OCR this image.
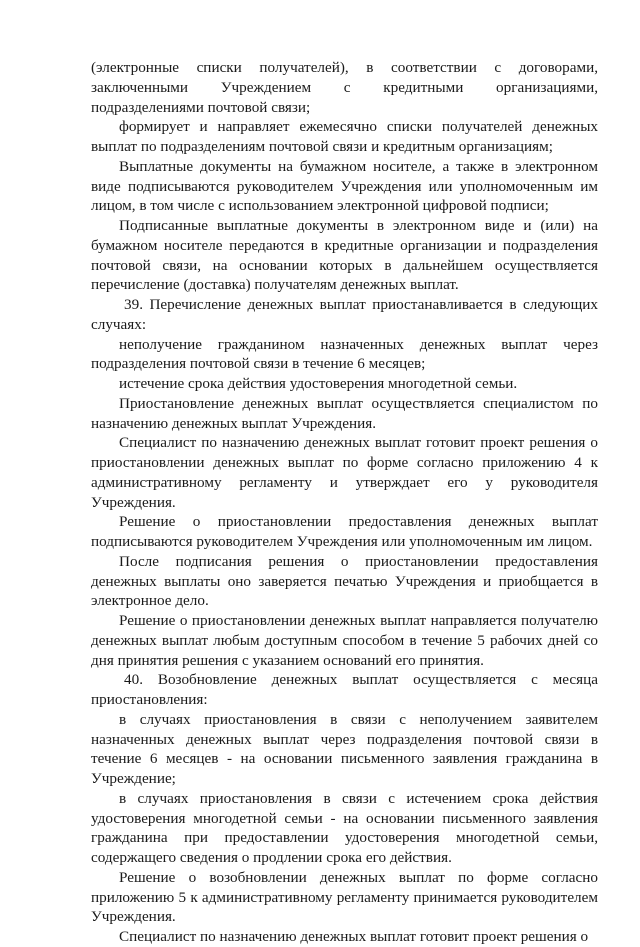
(электронные списки получателей), в соответствии с договорами, заключенными Учреждением с кредитными организациями, подразделениями почтовой связи;

формирует и направляет ежемесячно списки получателей денежных выплат по подразделениям почтовой связи и кредитным организациям;

Выплатные документы на бумажном носителе, а также в электронном виде подписываются руководителем Учреждения или уполномоченным им лицом, в том числе с использованием электронной цифровой подписи;

Подписанные выплатные документы в электронном виде и (или) на бумажном носителе передаются в кредитные организации и подразделения почтовой связи, на основании которых в дальнейшем осуществляется перечисление (доставка) получателям денежных выплат.

39. Перечисление денежных выплат приостанавливается в следующих случаях:

неполучение гражданином назначенных денежных выплат через подразделения почтовой связи в течение 6 месяцев;

истечение срока действия удостоверения многодетной семьи.

Приостановление денежных выплат осуществляется специалистом по назначению денежных выплат Учреждения.

Специалист по назначению денежных выплат готовит проект решения о приостановлении денежных выплат по форме согласно приложению 4 к административному регламенту и утверждает его у руководителя Учреждения.

Решение о приостановлении предоставления денежных выплат подписываются руководителем Учреждения или уполномоченным им лицом.

После подписания решения о приостановлении предоставления денежных выплаты оно заверяется печатью Учреждения и приобщается в электронное дело.

Решение о приостановлении денежных выплат направляется получателю денежных выплат любым доступным способом в течение 5 рабочих дней со дня принятия решения с указанием оснований его принятия.

40. Возобновление денежных выплат осуществляется с месяца приостановления:

в случаях приостановления в связи с неполучением заявителем назначенных денежных выплат через подразделения почтовой связи в течение 6 месяцев - на основании письменного заявления гражданина в Учреждение;

в случаях приостановления в связи с истечением срока действия удостоверения многодетной семьи - на основании письменного заявления гражданина при предоставлении удостоверения многодетной семьи, содержащего сведения о продлении срока его действия.

Решение о возобновлении денежных выплат по форме согласно приложению 5 к административному регламенту принимается руководителем Учреждения.

Специалист по назначению денежных выплат готовит проект решения о
